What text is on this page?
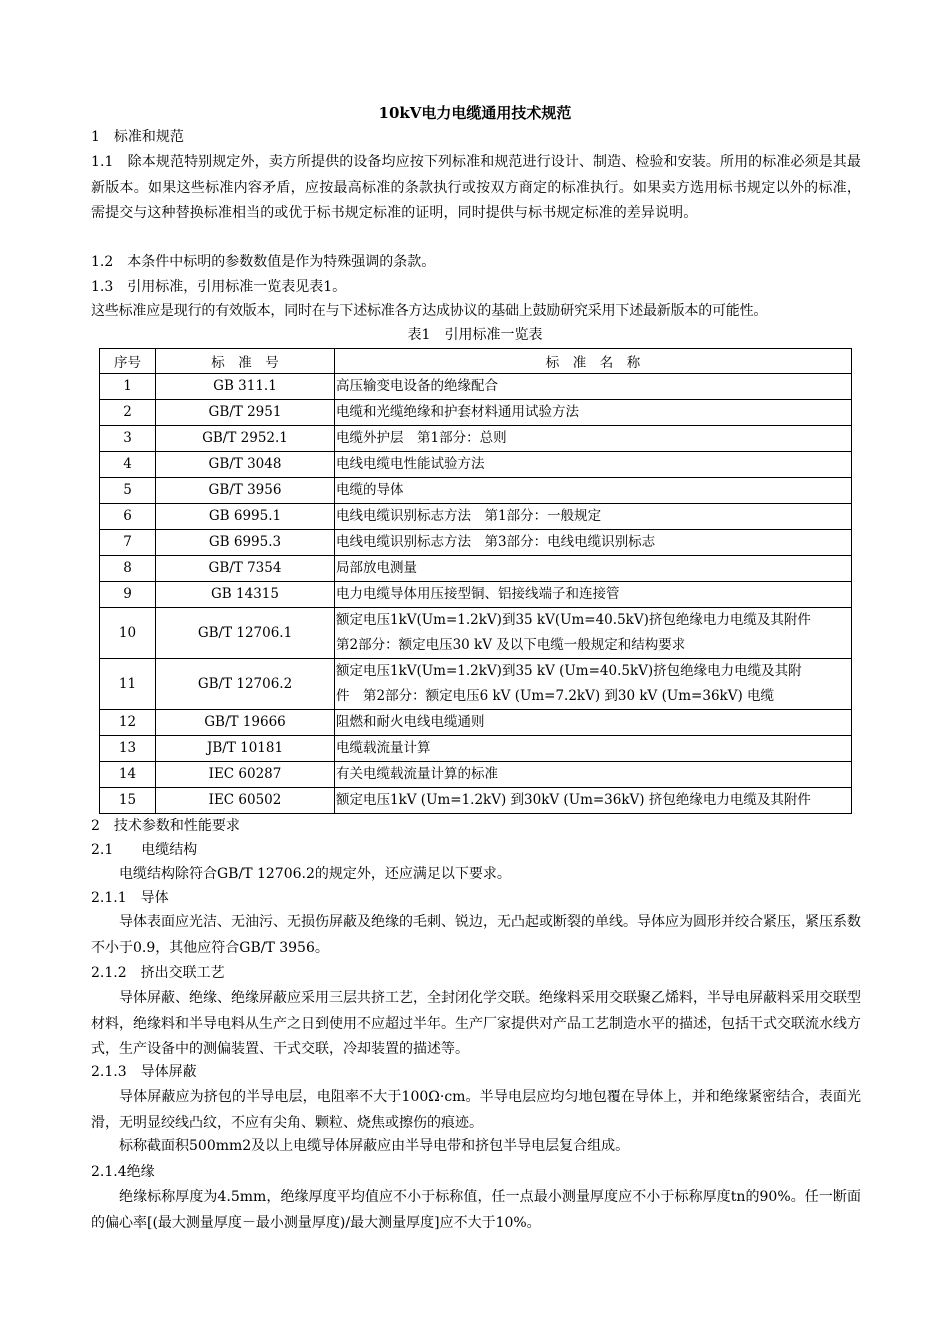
10kV电力电缆通用技术规范
1　标准和规范
1.1　除本规范特别规定外，卖方所提供的设备均应按下列标准和规范进行设计、制造、检验和安装。所用的标准必须是其最新版本。如果这些标准内容矛盾，应按最高标准的条款执行或按双方商定的标准执行。如果卖方选用标书规定以外的标准，需提交与这种替换标准相当的或优于标书规定标准的证明，同时提供与标书规定标准的差异说明。
1.2　本条件中标明的参数数值是作为特殊强调的条款。
1.3　引用标准，引用标准一览表见表1。
这些标准应是现行的有效版本，同时在与下述标准各方达成协议的基础上鼓励研究采用下述最新版本的可能性。
表1　引用标准一览表
序号	标　准　号	标　准　名　称
1	GB 311.1	高压输变电设备的绝缘配合

2	GB/T 2951	电缆和光缆绝缘和护套材料通用试验方法

3	GB/T 2952.1	电缆外护层　第1部分：总则

4	GB/T 3048	电线电缆电性能试验方法

5	GB/T 3956	电缆的导体

6	GB 6995.1	电线电缆识别标志方法　第1部分：一般规定

7	GB 6995.3	电线电缆识别标志方法　第3部分：电线电缆识别标志

8	GB/T 7354	局部放电测量

9	GB 14315	电力电缆导体用压接型铜、铝接线端子和连接管

10	GB/T 12706.1	额定电压1kV(Um=1.2kV)到35 kV(Um=40.5kV)挤包绝缘电力电缆及其附件
第2部分：额定电压30 kV 及以下电缆一般规定和结构要求

11	GB/T 12706.2	额定电压1kV(Um=1.2kV)到35 kV (Um=40.5kV)挤包绝缘电力电缆及其附
件　第2部分：额定电压6 kV (Um=7.2kV) 到30 kV (Um=36kV) 电缆

12	GB/T 19666	阻燃和耐火电线电缆通则

13	JB/T 10181	电缆载流量计算

14	IEC 60287	有关电缆载流量计算的标准

15	IEC 60502	额定电压1kV (Um=1.2kV) 到30kV (Um=36kV) 挤包绝缘电力电缆及其附件
2　技术参数和性能要求
2.1　　电缆结构
电缆结构除符合GB/T 12706.2的规定外，还应满足以下要求。
2.1.1　导体
导体表面应光洁、无油污、无损伤屏蔽及绝缘的毛刺、锐边，无凸起或断裂的单线。导体应为圆形并绞合紧压，紧压系数不小于0.9，其他应符合GB/T 3956。
2.1.2　挤出交联工艺
导体屏蔽、绝缘、绝缘屏蔽应采用三层共挤工艺，全封闭化学交联。绝缘料采用交联聚乙烯料，半导电屏蔽料采用交联型材料，绝缘料和半导电料从生产之日到使用不应超过半年。生产厂家提供对产品工艺制造水平的描述，包括干式交联流水线方式，生产设备中的测偏装置、干式交联，冷却装置的描述等。
2.1.3　导体屏蔽
导体屏蔽应为挤包的半导电层，电阻率不大于100Ω·cm。半导电层应均匀地包覆在导体上，并和绝缘紧密结合，表面光滑，无明显绞线凸纹，不应有尖角、颗粒、烧焦或擦伤的痕迹。
标称截面积500mm2及以上电缆导体屏蔽应由半导电带和挤包半导电层复合组成。
2.1.4绝缘
绝缘标称厚度为4.5mm，绝缘厚度平均值应不小于标称值，任一点最小测量厚度应不小于标称厚度tn的90%。任一断面的偏心率[(最大测量厚度－最小测量厚度)/最大测量厚度]应不大于10%。
